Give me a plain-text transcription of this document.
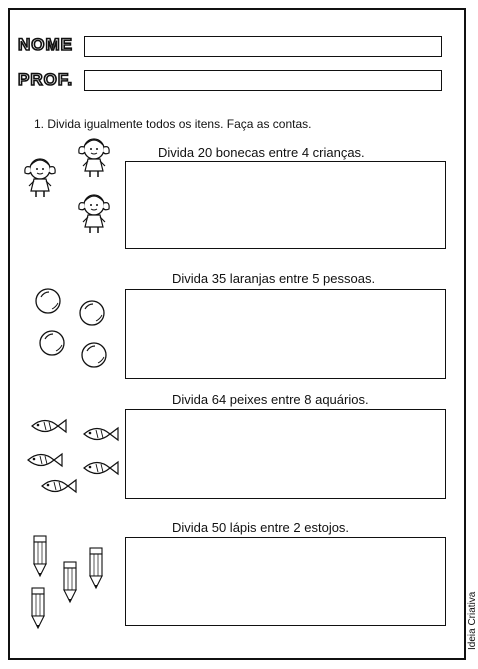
NOME
PROF.
1. Divida igualmente todos os itens. Faça as contas.
Divida 20 bonecas entre 4 crianças.
Divida 35 laranjas entre 5 pessoas.
Divida 64 peixes entre 8 aquários.
Divida 50 lápis entre 2 estojos.
Ideia Criativa
